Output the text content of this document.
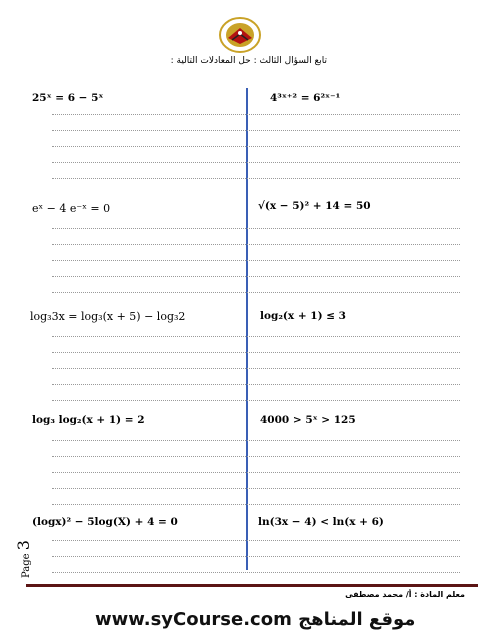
تابع السؤال الثالث : حل المعادلات التالية :
25ˣ = 6 − 5ˣ	4³ˣ⁺² = 6²ˣ⁻¹
eˣ − 4 e⁻ˣ = 0	√(x − 5)² + 14 = 50
log₃3x = log₃(x + 5) − log₃2	log₂(x + 1) ≤ 3
log₃ log₂(x + 1) = 2	4000 > 5ˣ > 125
(logx)² − 5log(X) + 4 = 0	ln(3x − 4) < ln(x + 6)
Page 3
معلم المادة : أ/ محمد مصطفى
www.syCourse.com موقع المناهج
